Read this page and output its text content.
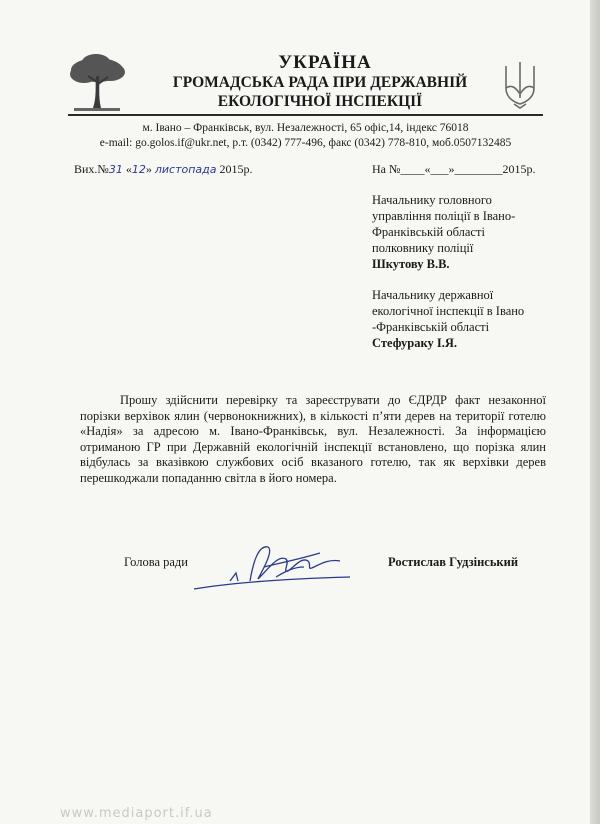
УКРАЇНА
ГРОМАДСЬКА РАДА ПРИ ДЕРЖАВНІЙ
ЕКОЛОГІЧНОЇ ІНСПЕКЦІЇ
м. Івано – Франківськ, вул. Незалежності, 65 офіс,14, індекс 76018
e-mail: go.golos.if@ukr.net, р.т. (0342) 777-496, факс (0342) 778-810, моб.0507132485
Вих.№31 «12» листопада 2015р.	На №____«___»________2015р.
Начальнику головного
управління поліції в Івано-
Франківській області
полковнику поліції
Шкутову В.В.
Начальнику державної
екологічної інспекції в Івано
-Франківській області
Стефураку І.Я.
Прошу здійснити перевірку та зареєструвати до ЄДРДР факт незаконної порізки верхівок ялин (червонокнижних), в кількості п’яти дерев на території готелю «Надія» за адресою м. Івано-Франківськ, вул. Незалежності. За інформацією отриманою ГР при Державній екологічній інспекції встановлено, що порізка ялин відбулась за вказівкою службових осіб вказаного готелю, так як верхівки дерев перешкоджали попаданню світла в його номера.
Голова ради	Ростислав Гудзінський
www.mediaport.if.ua
